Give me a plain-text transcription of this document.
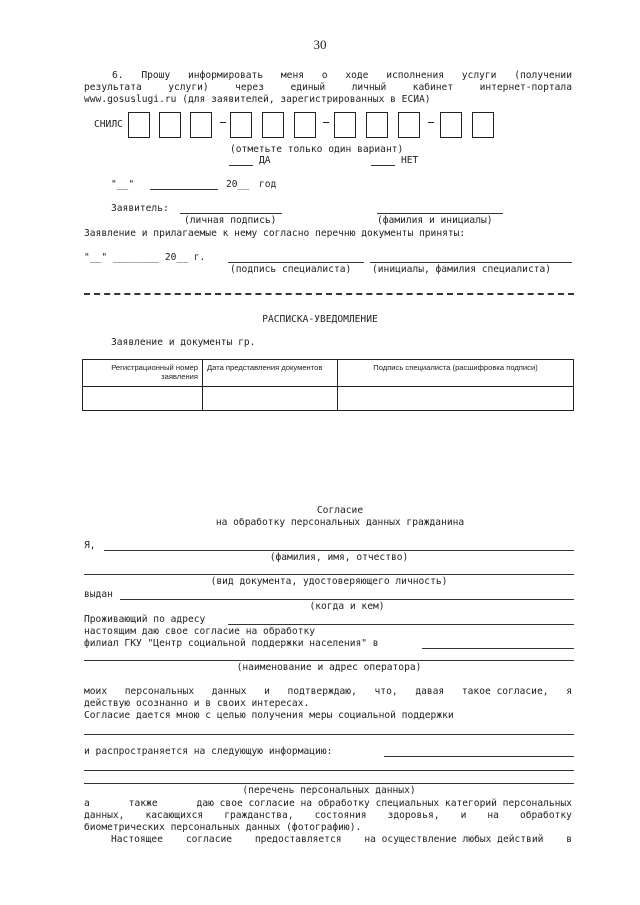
30
6. Прошу информировать меня о ходе исполнения услуги (получении
результата	услуги)	через	единый	личный	кабинет	интернет-портала
www.gosuslugi.ru (для заявителей, зарегистрированных в ЕСИА)
СНИЛС
(отметьте только один вариант)
ДА	НЕТ
"__"	20__ год
Заявитель:
(личная подпись)	(фамилия и инициалы)
Заявление и прилагаемые к нему согласно перечню документы приняты:
"__" ________ 20__ г.
(подпись специалиста) (инициалы, фамилия специалиста)
РАСПИСКА-УВЕДОМЛЕНИЕ
Заявление и документы гр.
Регистрационный номер заявления	Дата представления документов	Подпись специалиста (расшифровка подписи)

Согласие
на обработку персональных данных гражданина
Я,
(фамилия, имя, отчество)
(вид документа, удостоверяющего личность)
выдан
(когда и кем)
Проживающий по адресу
настоящим даю свое согласие на обработку
филиал ГКУ "Центр социальной поддержки населения" в
(наименование и адрес оператора)
моих персональных данных и подтверждаю, что, давая такое согласие, я
действую осознанно и в своих интересах.
Согласие дается мною с целью получения меры социальной поддержки
и распространяется на следующую информацию:
(перечень персональных данных)
а	также	даю свое согласие на обработку специальных категорий персональных
данных, касающихся гражданства, состояния здоровья, и на обработку
биометрических персональных данных (фотографию).
Настоящее согласие предоставляется на осуществление любых действий в
